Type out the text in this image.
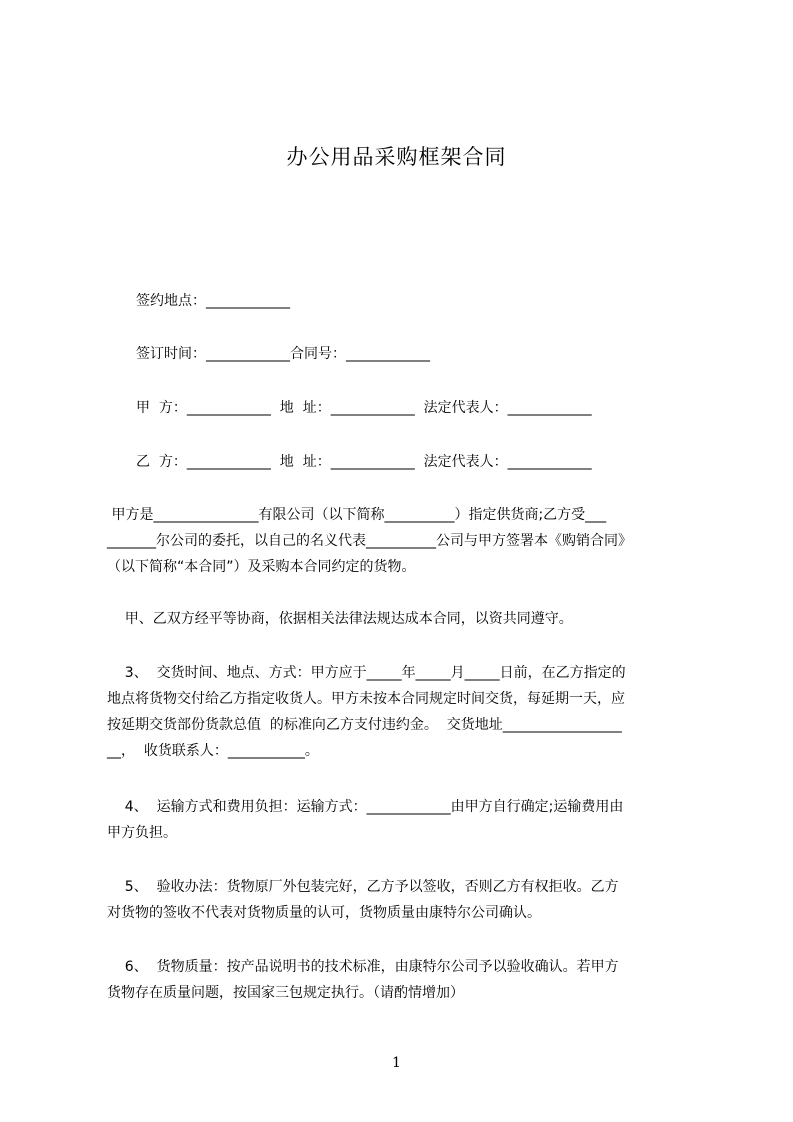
办公用品采购框架合同
签约地点：____________
签订时间：____________合同号：____________
甲  方：____________  地  址：____________  法定代表人：____________
乙  方：____________  地  址：____________  法定代表人：____________
甲方是_______________有限公司（以下简称__________）指定供货商;乙方受___
_______尔公司的委托，以自己的名义代表__________公司与甲方签署本《购销合同》
（以下简称“本合同”）及采购本合同约定的货物。
甲、乙双方经平等协商，依据相关法律法规达成本合同，以资共同遵守。
3、  交货时间、地点、方式：甲方应于_____年_____月_____日前，在乙方指定的
地点将货物交付给乙方指定收货人。甲方未按本合同规定时间交货，每延期一天，应
按延期交货部份货款总值  的标准向乙方支付违约金。  交货地址_________________
__，  收货联系人：___________。
4、  运输方式和费用负担：运输方式：____________由甲方自行确定;运输费用由
甲方负担。
5、  验收办法：货物原厂外包装完好，乙方予以签收，否则乙方有权拒收。乙方
对货物的签收不代表对货物质量的认可，货物质量由康特尔公司确认。
6、  货物质量：按产品说明书的技术标准，由康特尔公司予以验收确认。若甲方
货物存在质量问题，按国家三包规定执行。（请酌情增加）
1
